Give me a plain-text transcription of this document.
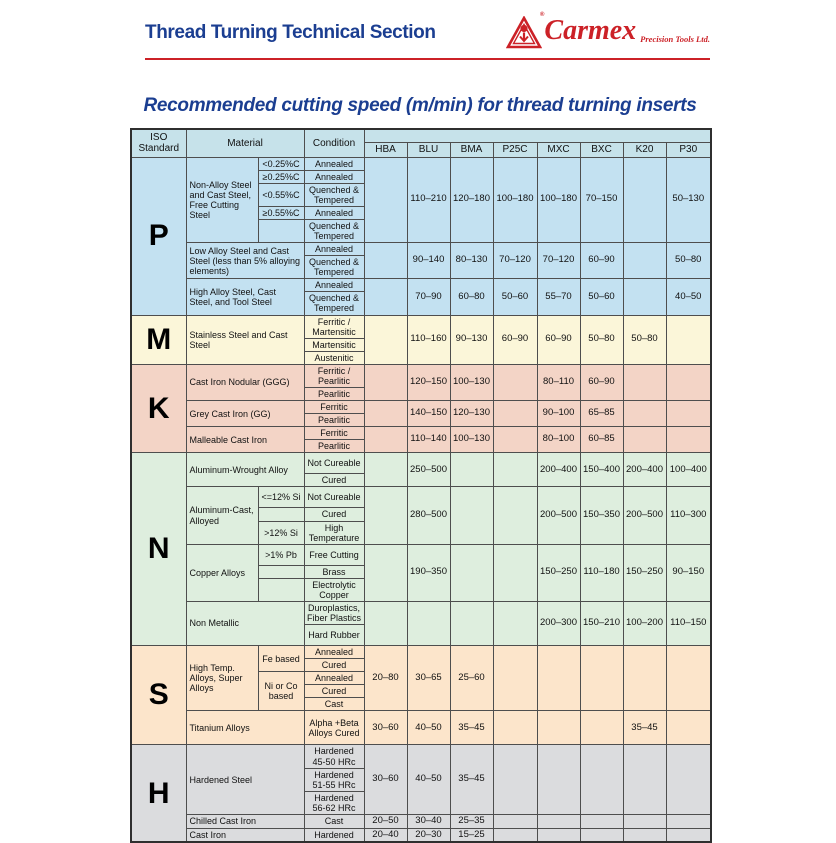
Thread Turning Technical Section
® Carmex Precision Tools Ltd.
Recommended cutting speed (m/min) for thread turning inserts
ISO Standard	Material		Condition								
				HBA	BLU	BMA	P25C	MXC	BXC	K20	P30
P	Non-Alloy Steel and Cast Steel, Free Cutting Steel	<0.25%C	Annealed		110–210	120–180	100–180	100–180	70–150		50–130
		≥0.25%C	Annealed								
		<0.55%C	Quenched & Tempered								
		≥0.55%C	Annealed								
			Quenched & Tempered								
	Low Alloy Steel and Cast Steel (less than 5% alloying elements)		Annealed		90–140	80–130	70–120	70–120	60–90		50–80
			Quenched & Tempered								
	High Alloy Steel, Cast Steel, and Tool Steel		Annealed		70–90	60–80	50–60	55–70	50–60		40–50
			Quenched & Tempered								
M	Stainless Steel and Cast Steel		Ferritic / Martensitic		110–160	90–130	60–90	60–90	50–80	50–80	
			Martensitic								
			Austenitic								
K	Cast Iron Nodular (GGG)		Ferritic / Pearlitic		120–150	100–130		80–110	60–90		
			Pearlitic								
	Grey Cast Iron (GG)		Ferritic		140–150	120–130		90–100	65–85		
			Pearlitic								
	Malleable Cast Iron		Ferritic		110–140	100–130		80–100	60–85		
			Pearlitic								
N	Aluminum-Wrought Alloy		Not Cureable		250–500			200–400	150–400	200–400	100–400
			Cured								
	Aluminum-Cast, Alloyed	<=12% Si	Not Cureable		280–500			200–500	150–350	200–500	110–300
			Cured								
		>12% Si	High Temperature								
	Copper Alloys	>1% Pb	Free Cutting		190–350			150–250	110–180	150–250	90–150
			Brass								
			Electrolytic Copper								
	Non Metallic		Duroplastics, Fiber Plastics					200–300	150–210	100–200	110–150
			Hard Rubber								
S	High Temp. Alloys, Super Alloys	Fe based	Annealed	20–80	30–65	25–60					
			Cured								
		Ni or Co based	Annealed								
			Cured								
			Cast								
	Titanium Alloys		Alpha +Beta Alloys Cured	30–60	40–50	35–45				35–45	
H	Hardened Steel		Hardened 45-50 HRc	30–60	40–50	35–45					
			Hardened 51-55 HRc								
			Hardened 56-62 HRc								
	Chilled Cast Iron		Cast	20–50	30–40	25–35					
	Cast Iron		Hardened	20–40	20–30	15–25					
